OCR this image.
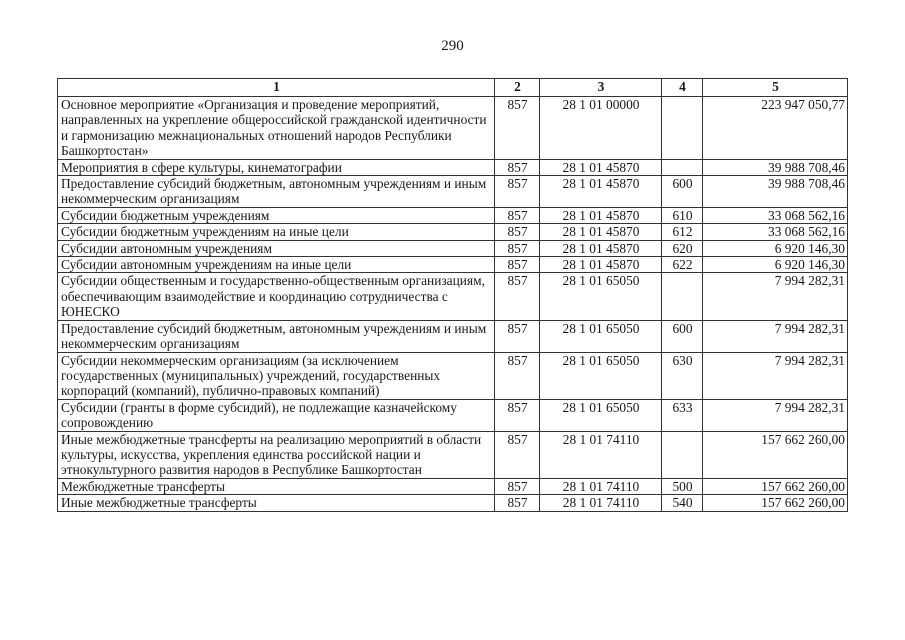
290
1	2	3	4	5
Основное мероприятие «Организация и проведение мероприятий, направленных на укрепление общероссийской гражданской идентичности и гармонизацию межнациональных отношений народов Республики Башкортостан»	857	28 1 01 00000		223 947 050,77
Мероприятия в сфере культуры, кинематографии	857	28 1 01 45870		39 988 708,46
Предоставление субсидий бюджетным, автономным учреждениям и иным некоммерческим организациям	857	28 1 01 45870	600	39 988 708,46
Субсидии бюджетным учреждениям	857	28 1 01 45870	610	33 068 562,16
Субсидии бюджетным учреждениям на иные цели	857	28 1 01 45870	612	33 068 562,16
Субсидии автономным учреждениям	857	28 1 01 45870	620	6 920 146,30
Субсидии автономным учреждениям на иные цели	857	28 1 01 45870	622	6 920 146,30
Субсидии общественным и государственно-общественным организациям, обеспечивающим взаимодействие и координацию сотрудничества с ЮНЕСКО	857	28 1 01 65050		7 994 282,31
Предоставление субсидий бюджетным, автономным учреждениям и иным некоммерческим организациям	857	28 1 01 65050	600	7 994 282,31
Субсидии некоммерческим организациям (за исключением государственных (муниципальных) учреждений, государственных корпораций (компаний), публично-правовых компаний)	857	28 1 01 65050	630	7 994 282,31
Субсидии (гранты в форме субсидий), не подлежащие казначейскому сопровождению	857	28 1 01 65050	633	7 994 282,31
Иные межбюджетные трансферты на реализацию мероприятий в области культуры, искусства, укрепления единства российской нации и этнокультурного развития народов в Республике Башкортостан	857	28 1 01 74110		157 662 260,00
Межбюджетные трансферты	857	28 1 01 74110	500	157 662 260,00
Иные межбюджетные трансферты	857	28 1 01 74110	540	157 662 260,00
